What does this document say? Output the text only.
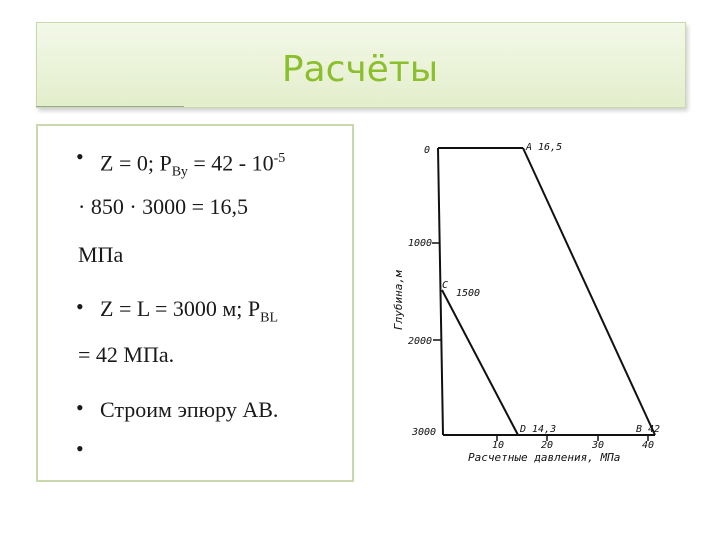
Расчёты
• Z = 0; $P_{Ву} = 42 - 10^{-5}$
· 850 · 3000 = 16,5
МПа
• Z = L = 3000 м; $P_{BL}$
= 42 МПа.
• Строим эпюру АВ.
•
0
1000
2000
3000
A 16,5
C
1500
D 14,3	B 42
10	20	30	40
Расчетные давления, МПа
Глубина,м
